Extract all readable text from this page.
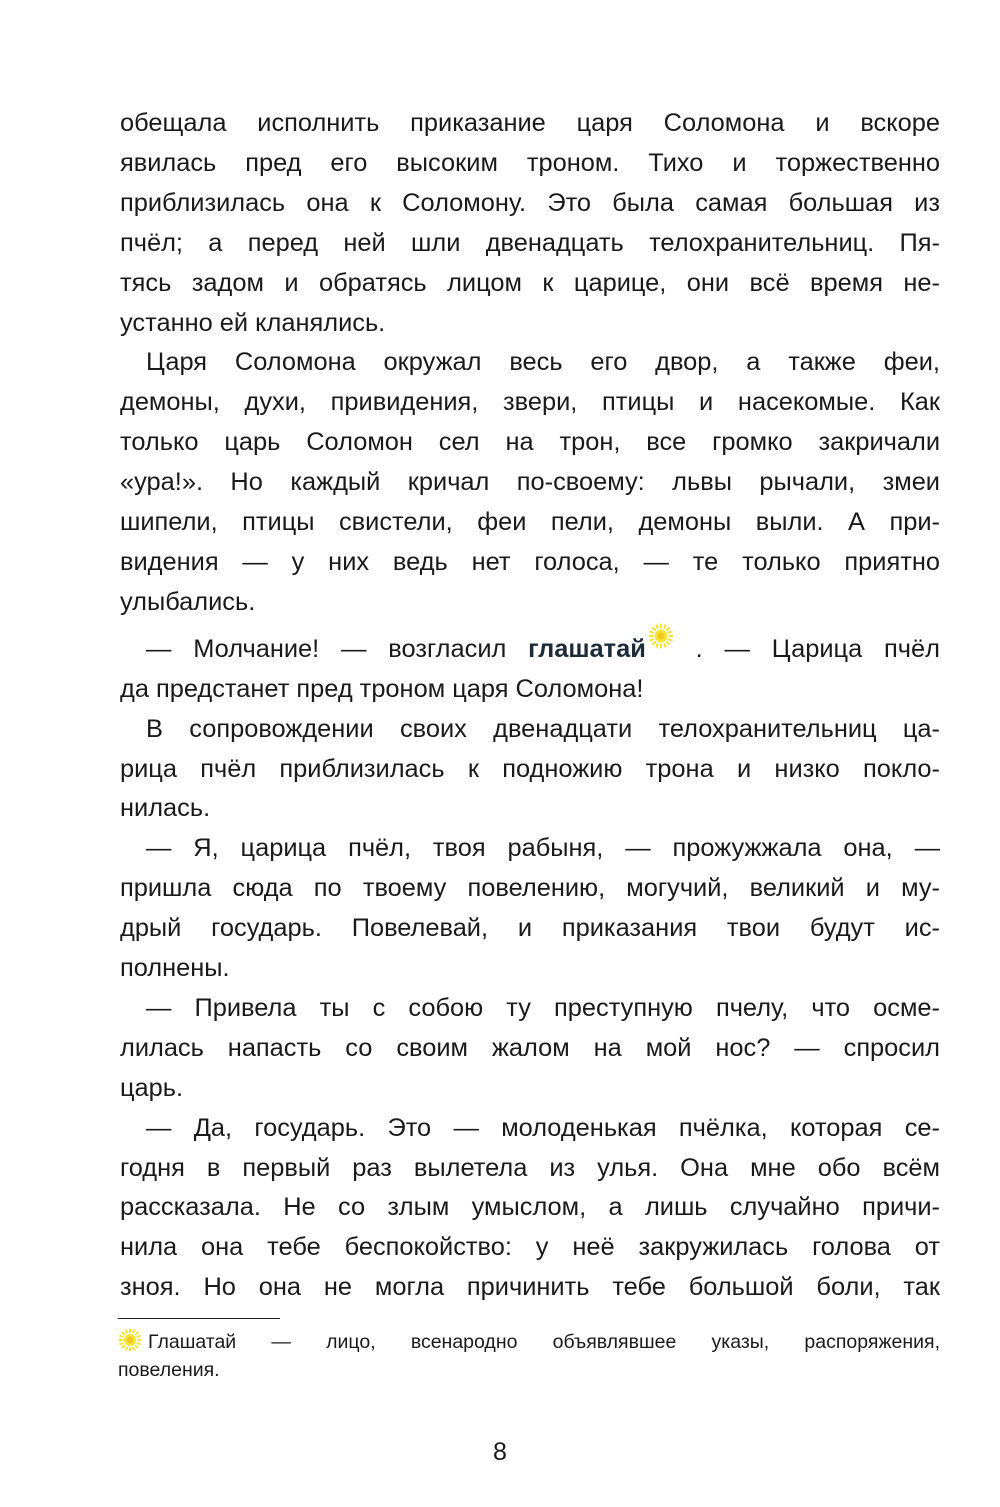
обещала исполнить приказание царя Соломона и вскоре
явилась пред его высоким троном. Тихо и торжественно
приблизилась она к Соломону. Это была самая большая из
пчёл; а перед ней шли двенадцать телохранительниц. Пя-
тясь задом и обратясь лицом к царице, они всё время не-
устанно ей кланялись.

Царя Соломона окружал весь его двор, а также феи,
демоны, духи, привидения, звери, птицы и насекомые. Как
только царь Соломон сел на трон, все громко закричали
«ура!». Но каждый кричал по-своему: львы рычали, змеи
шипели, птицы свистели, феи пели, демоны выли. А при-
видения — у них ведь нет голоса, — те только приятно
улыбались.

— Молчание! — возгласил глашатай . — Царица пчёл
да предстанет пред троном царя Соломона!

В сопровождении своих двенадцати телохранительниц ца-
рица пчёл приблизилась к подножию трона и низко покло-
нилась.

— Я, царица пчёл, твоя рабыня, — прожужжала она, —
пришла сюда по твоему повелению, могучий, великий и му-
дрый государь. Повелевай, и приказания твои будут ис-
полнены.

— Привела ты с собою ту преступную пчелу, что осме-
лилась напасть со своим жалом на мой нос? — спросил
царь.

— Да, государь. Это — молоденькая пчёлка, которая се-
годня в первый раз вылетела из улья. Она мне обо всём
рассказала. Не со злым умыслом, а лишь случайно причи-
нила она тебе беспокойство: у неё закружилась голова от
зноя. Но она не могла причинить тебе большой боли, так

Глашатай — лицо, всенародно объявлявшее указы, распоряжения,
повеления.
8
